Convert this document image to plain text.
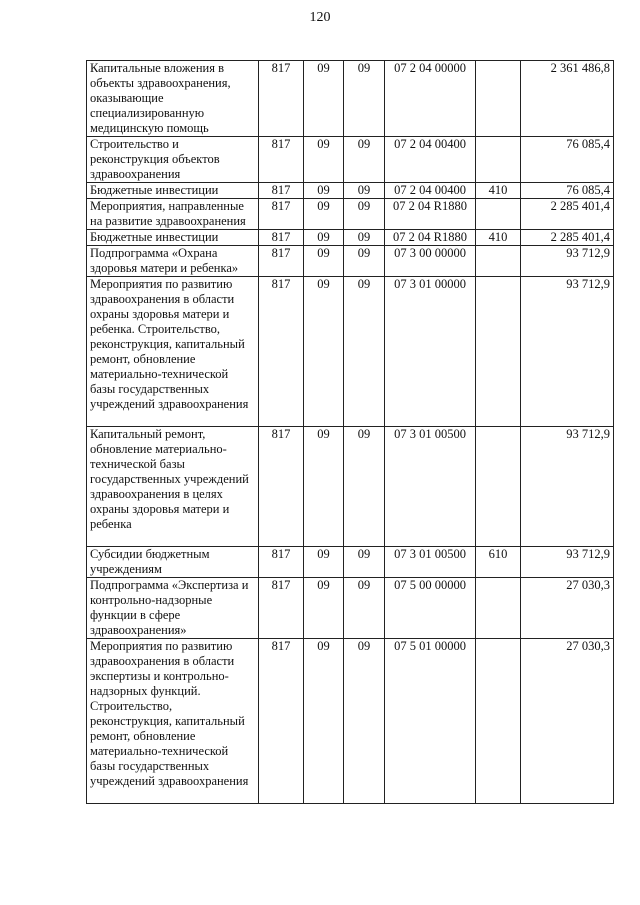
120
Капитальные вложения в объекты здравоохранения, оказывающие специализированную медицинскую помощь	817	09	09	07 2 04 00000		2 361 486,8
Строительство и реконструкция объектов здравоохранения	817	09	09	07 2 04 00400		76 085,4
Бюджетные инвестиции	817	09	09	07 2 04 00400	410	76 085,4
Мероприятия, направленные на развитие здравоохранения	817	09	09	07 2 04 R1880		2 285 401,4
Бюджетные инвестиции	817	09	09	07 2 04 R1880	410	2 285 401,4
Подпрограмма «Охрана здоровья матери и ребенка»	817	09	09	07 3 00 00000		93 712,9
Мероприятия по развитию здравоохранения в области охраны здоровья матери и ребенка. Строительство, реконструкция, капитальный ремонт, обновление материально-технической базы государственных учреждений здравоохранения	817	09	09	07 3 01 00000		93 712,9
Капитальный ремонт, обновление материально-технической базы государственных учреждений здравоохранения в целях охраны здоровья матери и ребенка	817	09	09	07 3 01 00500		93 712,9
Субсидии бюджетным учреждениям	817	09	09	07 3 01 00500	610	93 712,9
Подпрограмма «Экспертиза и контрольно-надзорные функции в сфере здравоохранения»	817	09	09	07 5 00 00000		27 030,3
Мероприятия по развитию здравоохранения в области экспертизы и контрольно-надзорных функций. Строительство, реконструкция, капитальный ремонт, обновление материально-технической базы государственных учреждений здравоохранения	817	09	09	07 5 01 00000		27 030,3
